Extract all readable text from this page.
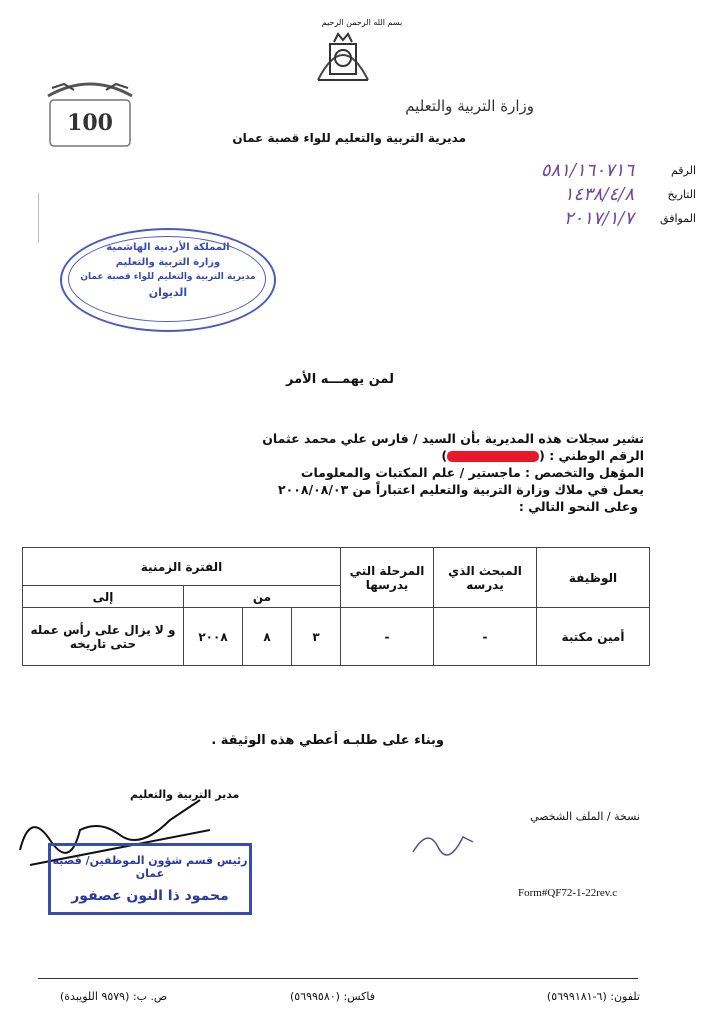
بسم الله الرحمن الرحيم
100
وزارة التربية والتعليم
مديرية التربية والتعليم للواء قصبة عمان
الرقم
٥٨١/١٦٠٧١٦
التاريخ
١٤٣٨/٤/٨
الموافق
٢٠١٧/١/٧
المملكة الأردنية الهاشمية
وزارة التربية والتعليم
مديرية التربية والتعليم للواء قصبة عمان
الديوان
لمن يهمـــه الأمر
تشير سجلات هذه المديرية بأن السيد / فارس علي محمد عثمان
الرقم الوطني : ()
المؤهل والتخصص : ماجستير / علم المكتبات والمعلومات
يعمل في ملاك وزارة التربية والتعليم اعتباراً من ٢٠٠٨/٠٨/٠٣
وعلى النحو التالي :
الوظيفة	المبحث الذي يدرسه	المرحلة التي يدرسها	الفترة الزمنية			
			من			إلى
أمين مكتبة	-	-	٣	٨	٢٠٠٨	و لا يزال على رأس عمله حتى تاريخه
وبناء على طلبـه أعطي هذه الوثيقة .
مدير التربية والتعليم
رئيس قسم شؤون الموظفين/ قصبة عمان
محمود ذا النون عصفور
نسخة / الملف الشخصي
Form#QF72-1-22rev.c
تلفون: (٦-٥٦٩٩١٨١)
فاكس: (٥٦٩٩٥٨٠)
ص. ب: (٩٥٧٩ اللويبدة)
